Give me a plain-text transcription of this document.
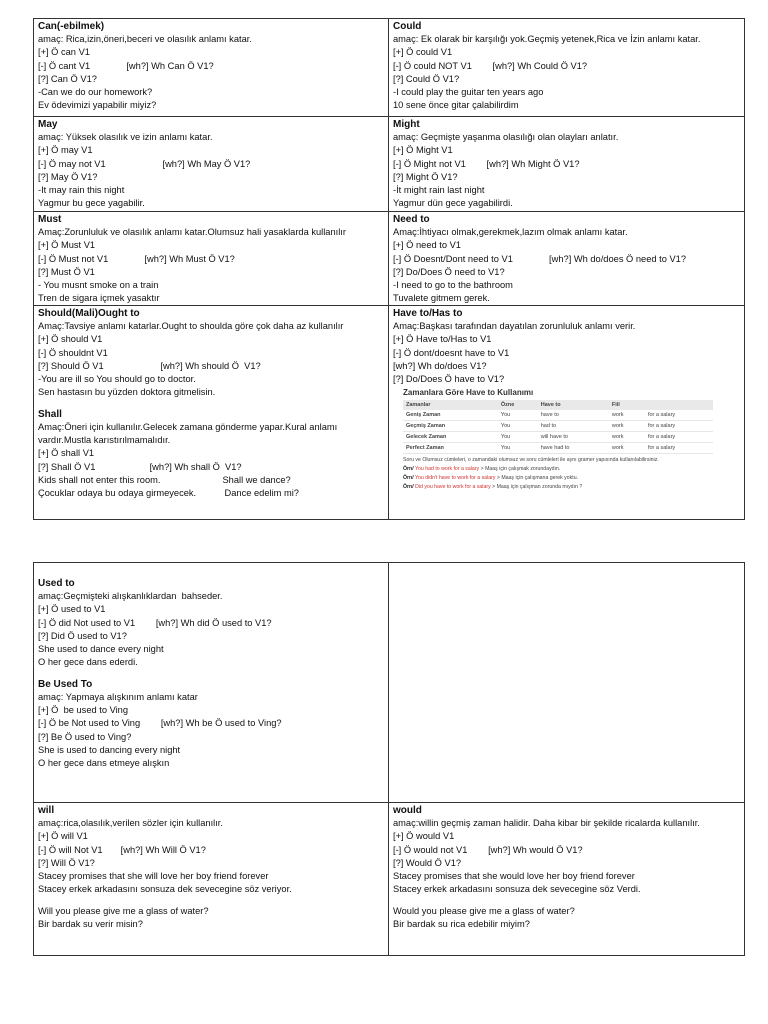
Can(-ebilmek)
amaç: Rica,izin,öneri,beceri ve olasılık anlamı katar.
[+] Ö can V1
[-] Ö cant V1              [wh?] Wh Can Ö V1?
[?] Can Ö V1?
-Can we do our homework?
Ev ödevimizi yapabilir miyiz?
Could
amaç: Ek olarak bir karşılığı yok.Geçmiş yetenek,Rica ve İzin anlamı katar.
[+] Ö could V1
[-] Ö could NOT V1        [wh?] Wh Could Ö V1?
[?] Could Ö V1?
-I could play the guitar ten years ago
10 sene önce gitar çalabilirdim
May
amaç: Yüksek olasılık ve izin anlamı katar.
[+] Ö may V1
[-] Ö may not V1                      [wh?] Wh May Ö V1?
[?] May Ö V1?
-It may rain this night
Yagmur bu gece yagabilir.
Might
amaç: Geçmişte yaşanma olasılığı olan olayları anlatır.
[+] Ö Might V1
[-] Ö Might not V1        [wh?] Wh Might Ö V1?
[?] Might Ö V1?
-İt might rain last night
Yagmur dün gece yagabilirdi.
Must
Amaç:Zorunluluk ve olasılık anlamı katar.Olumsuz hali yasaklarda kullanılır
[+] Ö Must V1
[-] Ö Must not V1              [wh?] Wh Must Ö V1?
[?] Must Ö V1
- You musnt smoke on a train
Tren de sigara içmek yasaktır
Need to
Amaç:İhtiyacı olmak,gerekmek,lazım olmak anlamı katar.
[+] Ö need to V1
[-] Ö Doesnt/Dont need to V1              [wh?] Wh do/does Ö need to V1?
[?] Do/Does Ö need to V1?
-I need to go to the bathroom
Tuvalete gitmem gerek.
Should(Mali)Ought to
Amaç:Tavsiye anlamı katarlar.Ought to shoulda göre çok daha az kullanılır
[+] Ö should V1
[-] Ö shouldnt V1
[?] Should Ö V1                      [wh?] Wh should Ö  V1?
-You are ill so You should go to doctor.
Sen hastasın bu yüzden doktora gitmelisin.
Shall
Amaç:Öneri için kullanılır.Gelecek zamana gönderme yapar.Kural anlamı
vardır.Mustla karıstırılmamalıdır.
[+] Ö shall V1
[?] Shall Ö V1                     [wh?] Wh shall Ö  V1?
Kids shall not enter this room.                        Shall we dance?
Çocuklar odaya bu odaya girmeyecek.           Dance edelim mi?
Have to/Has to
Amaç:Başkası tarafından dayatılan zorunluluk anlamı verir.
[+] Ö Have to/Has to V1
[-] Ö dont/doesnt have to V1
[wh?] Wh do/does V1?
[?] Do/Does Ö have to V1?
Zamanlara Göre Have to Kullanımı
Zamanlar	Özne	Have to	Fiil	
Geniş Zaman	You	have to	work	for a salary
Geçmiş Zaman	You	had to	work	for a salary
Gelecek Zaman	You	will have to	work	for a salary
Perfect Zaman	You	have had to	work	for a salary
Soru ve Olumsuz cümleleri, o zamandaki olumsuz ve soru cümleleri ile aynı gramer yapısında kullanılabilirsiniz.
Örn/ You had to work for a salary > Maaş için çalışmak zorundaydın.
Örn/ You didn't have to work for a salary > Maaş için çalışmana gerek yoktu.
Örn/ Did you have to work for a salary > Maaş için çalışman zorunda mıydın ?
Used to
amaç:Geçmişteki alışkanlıklardan  bahseder.
[+] Ö used to V1
[-] Ö did Not used to V1        [wh?] Wh did Ö used to V1?
[?] Did Ö used to V1?
She used to dance every night
O her gece dans ederdi.
Be Used To
amaç: Yapmaya alışkınım anlamı katar
[+] Ö  be used to Ving
[-] Ö be Not used to Ving        [wh?] Wh be Ö used to Ving?
[?] Be Ö used to Ving?
She is used to dancing every night
O her gece dans etmeye alışkın
will
amaç:rica,olasılık,verilen sözler için kullanılır.
[+] Ö will V1
[-] Ö will Not V1       [wh?] Wh Will Ö V1?
[?] Will Ö V1?
Stacey promises that she will love her boy friend forever
Stacey erkek arkadasını sonsuza dek sevecegine söz veriyor.
Will you please give me a glass of water?
Bir bardak su verir misin?
would
amaç:willin geçmiş zaman halidir. Daha kibar bir şekilde ricalarda kullanılır.
[+] Ö would V1
[-] Ö would not V1        [wh?] Wh would Ö V1?
[?] Would Ö V1?
Stacey promises that she would love her boy friend forever
Stacey erkek arkadasını sonsuza dek sevecegine söz Verdi.
Would you please give me a glass of water?
Bir bardak su rica edebilir miyim?
